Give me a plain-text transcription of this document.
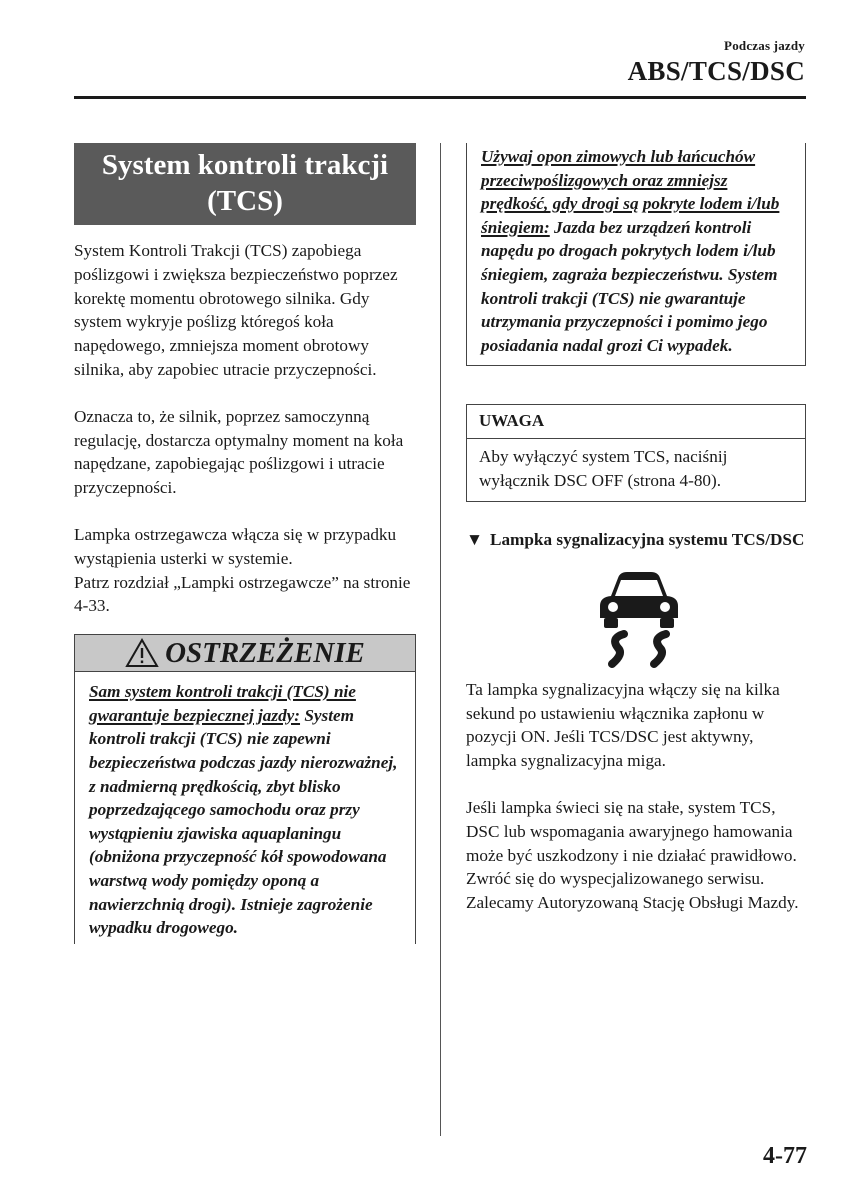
Podczas jazdy
ABS/TCS/DSC
System kontroli trakcji
(TCS)

System Kontroli Trakcji (TCS) zapobiega poślizgowi i zwiększa bezpieczeństwo poprzez korektę momentu obrotowego silnika. Gdy system wykryje poślizg któregoś koła napędowego, zmniejsza moment obrotowy silnika, aby zapobiec utracie przyczepności.

Oznacza to, że silnik, poprzez samoczynną regulację, dostarcza optymalny moment na koła napędzane, zapobiegając poślizgowi i utracie przyczepności.

Lampka ostrzegawcza włącza się w przypadku wystąpienia usterki w systemie.

Patrz rozdział „Lampki ostrzegawcze” na stronie 4-33.

OSTRZEŻENIE
Sam system kontroli trakcji (TCS) nie gwarantuje bezpiecznej jazdy: System kontroli trakcji (TCS) nie zapewni bezpieczeństwa podczas jazdy nierozważnej, z nadmierną prędkością, zbyt blisko poprzedzającego samochodu oraz przy wystąpieniu zjawiska aquaplaningu (obniżona przyczepność kół spowodowana warstwą wody pomiędzy oponą a nawierzchnią drogi). Istnieje zagrożenie wypadku drogowego.
Używaj opon zimowych lub łańcuchów przeciwpoślizgowych oraz zmniejsz prędkość, gdy drogi są pokryte lodem i/lub śniegiem: Jazda bez urządzeń kontroli napędu po drogach pokrytych lodem i/lub śniegiem, zagraża bezpieczeństwu. System kontroli trakcji (TCS) nie gwarantuje utrzymania przyczepności i pomimo jego posiadania nadal grozi Ci wypadek.
UWAGA
Aby wyłączyć system TCS, naciśnij wyłącznik DSC OFF (strona 4-80).
▼ Lampka sygnalizacyjna systemu TCS/DSC

Ta lampka sygnalizacyjna włączy się na kilka sekund po ustawieniu włącznika zapłonu w pozycji ON. Jeśli TCS/DSC jest aktywny, lampka sygnalizacyjna miga.

Jeśli lampka świeci się na stałe, system TCS, DSC lub wspomagania awaryjnego hamowania może być uszkodzony i nie działać prawidłowo. Zwróć się do wyspecjalizowanego serwisu. Zalecamy Autoryzowaną Stację Obsługi Mazdy.

4-77
